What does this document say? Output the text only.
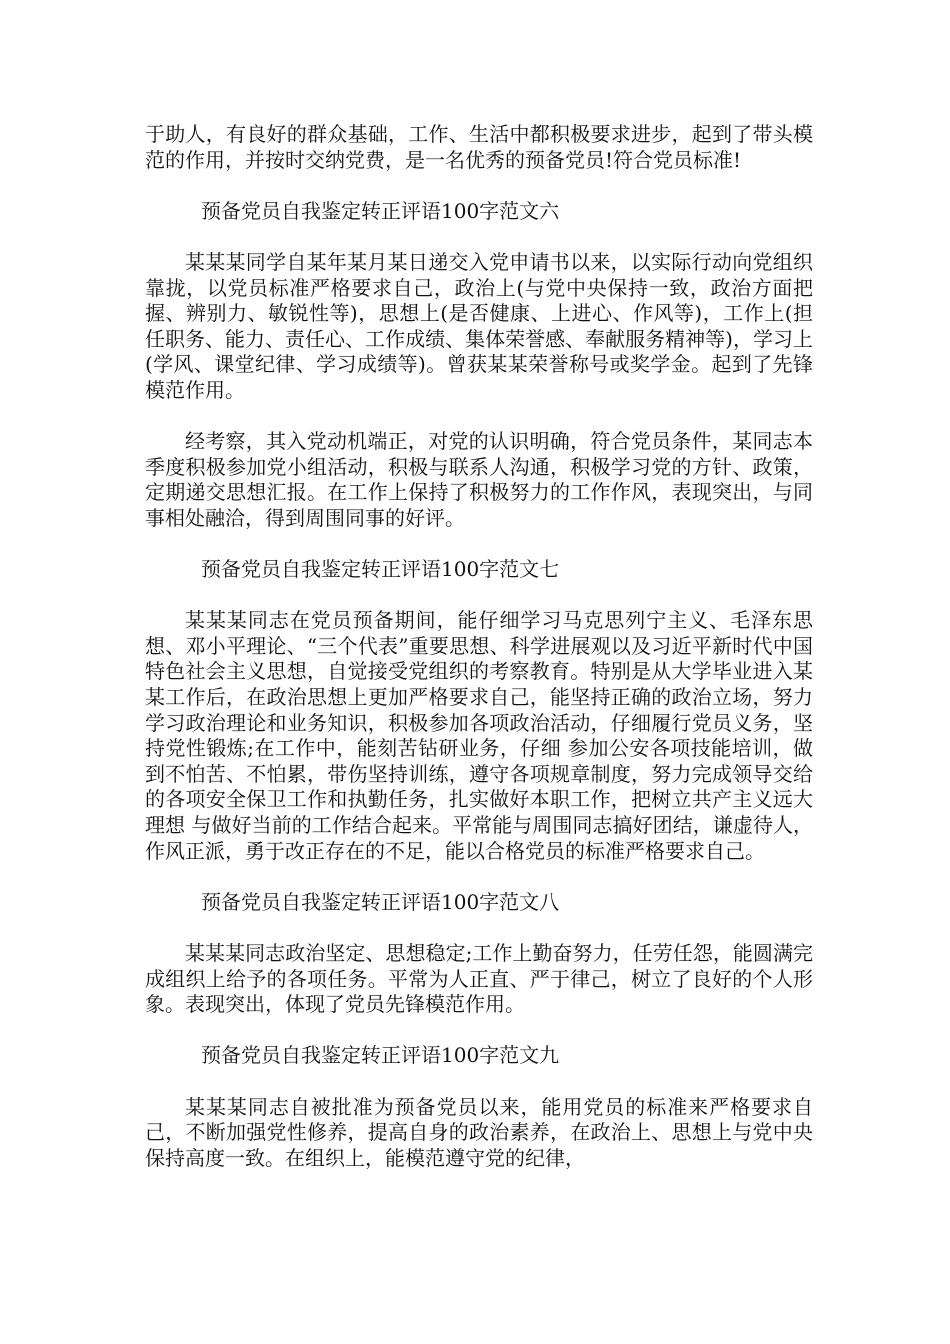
于助人，有良好的群众基础，工作、生活中都积极要求进步，起到了带头模范的作用，并按时交纳党费，是一名优秀的预备党员!符合党员标准!

预备党员自我鉴定转正评语100字范文六

某某某同学自某年某月某日递交入党申请书以来，以实际行动向党组织靠拢，以党员标准严格要求自己，政治上(与党中央保持一致，政治方面把握、辨别力、敏锐性等)，思想上(是否健康、上进心、作风等)，工作上(担任职务、能力、责任心、工作成绩、集体荣誉感、奉献服务精神等)，学习上(学风、课堂纪律、学习成绩等)。曾获某某荣誉称号或奖学金。起到了先锋模范作用。

经考察，其入党动机端正，对党的认识明确，符合党员条件，某同志本季度积极参加党小组活动，积极与联系人沟通，积极学习党的方针、政策，定期递交思想汇报。在工作上保持了积极努力的工作作风，表现突出，与同事相处融洽，得到周围同事的好评。

预备党员自我鉴定转正评语100字范文七

某某某同志在党员预备期间，能仔细学习马克思列宁主义、毛泽东思想、邓小平理论、“三个代表”重要思想、科学进展观以及习近平新时代中国特色社会主义思想，自觉接受党组织的考察教育。特别是从大学毕业进入某某工作后，在政治思想上更加严格要求自己，能坚持正确的政治立场，努力学习政治理论和业务知识，积极参加各项政治活动，仔细履行党员义务，坚持党性锻炼;在工作中，能刻苦钻研业务，仔细 参加公安各项技能培训，做到不怕苦、不怕累，带伤坚持训练，遵守各项规章制度，努力完成领导交给的各项安全保卫工作和执勤任务，扎实做好本职工作，把树立共产主义远大理想 与做好当前的工作结合起来。平常能与周围同志搞好团结，谦虚待人，作风正派，勇于改正存在的不足，能以合格党员的标准严格要求自己。

预备党员自我鉴定转正评语100字范文八

某某某同志政治坚定、思想稳定;工作上勤奋努力，任劳任怨，能圆满完成组织上给予的各项任务。平常为人正直、严于律己，树立了良好的个人形象。表现突出，体现了党员先锋模范作用。

预备党员自我鉴定转正评语100字范文九

某某某同志自被批准为预备党员以来，能用党员的标准来严格要求自己，不断加强党性修养，提高自身的政治素养，在政治上、思想上与党中央保持高度一致。在组织上，能模范遵守党的纪律，
